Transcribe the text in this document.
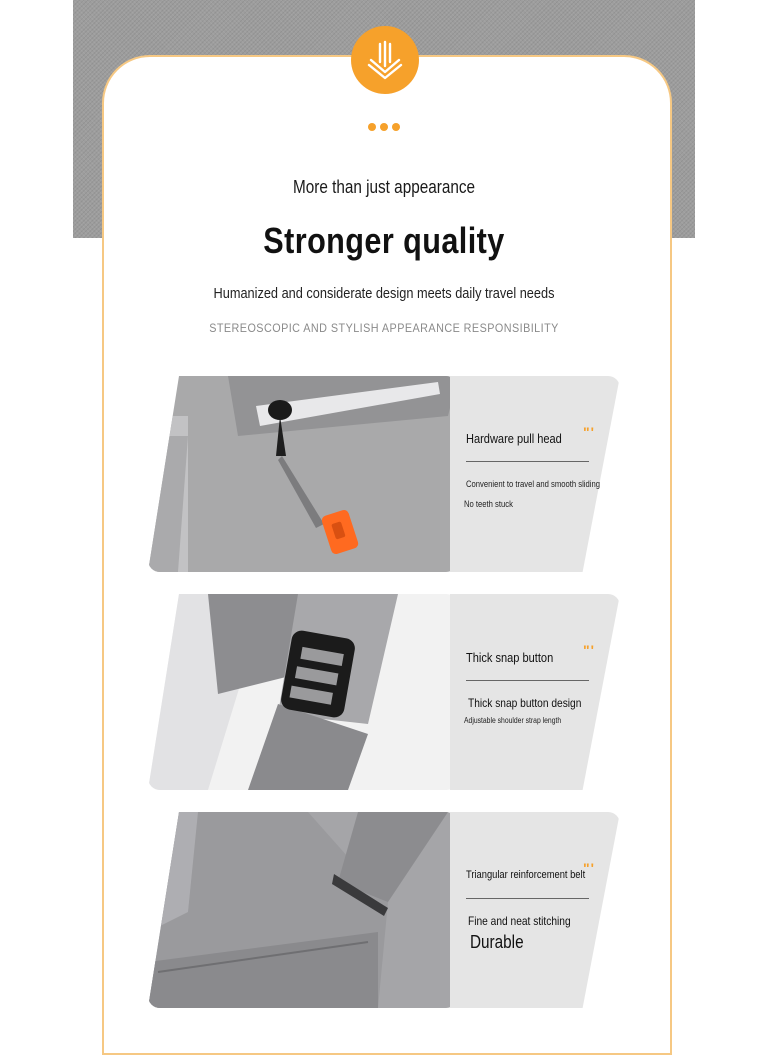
More than just appearance
Stronger quality
Humanized and considerate design meets daily travel needs
STEREOSCOPIC AND STYLISH APPEARANCE RESPONSIBILITY
Hardware pull head "'
Convenient to travel and smooth sliding
No teeth stuck
Thick snap button "'
Thick snap button design
Adjustable shoulder strap length
Triangular reinforcement belt
"'
Fine and neat stitching
Durable
